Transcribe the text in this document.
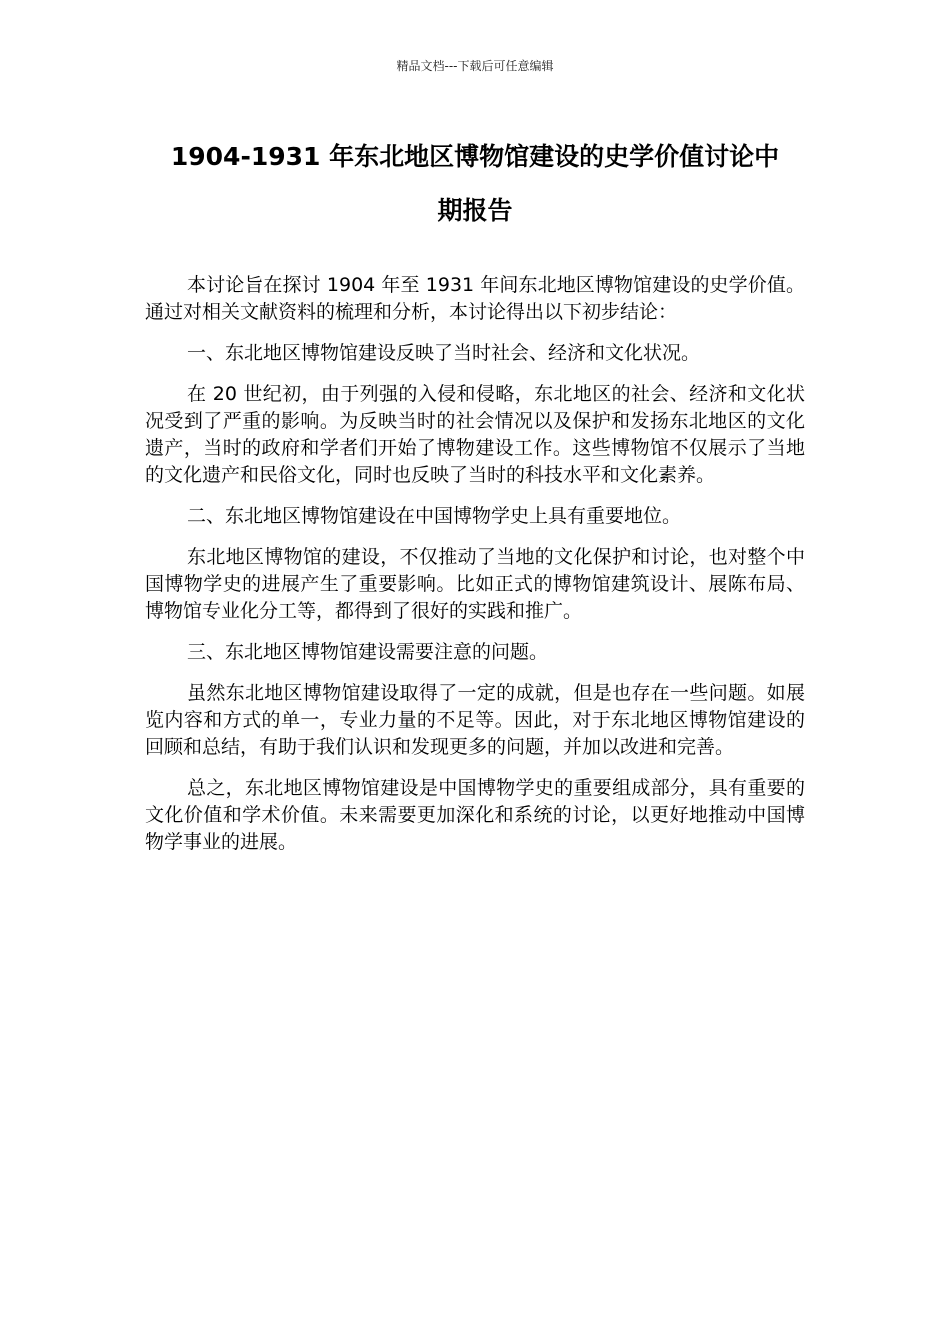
精品文档---下载后可任意编辑
1904-1931 年东北地区博物馆建设的史学价值讨论中
期报告

本讨论旨在探讨 1904 年至 1931 年间东北地区博物馆建设的史学价值。通过对相关文献资料的梳理和分析，本讨论得出以下初步结论：

一、东北地区博物馆建设反映了当时社会、经济和文化状况。

在 20 世纪初，由于列强的入侵和侵略，东北地区的社会、经济和文化状况受到了严重的影响。为反映当时的社会情况以及保护和发扬东北地区的文化遗产，当时的政府和学者们开始了博物建设工作。这些博物馆不仅展示了当地的文化遗产和民俗文化，同时也反映了当时的科技水平和文化素养。

二、东北地区博物馆建设在中国博物学史上具有重要地位。

东北地区博物馆的建设，不仅推动了当地的文化保护和讨论，也对整个中国博物学史的进展产生了重要影响。比如正式的博物馆建筑设计、展陈布局、博物馆专业化分工等，都得到了很好的实践和推广。

三、东北地区博物馆建设需要注意的问题。

虽然东北地区博物馆建设取得了一定的成就，但是也存在一些问题。如展览内容和方式的单一，专业力量的不足等。因此，对于东北地区博物馆建设的回顾和总结，有助于我们认识和发现更多的问题，并加以改进和完善。

总之，东北地区博物馆建设是中国博物学史的重要组成部分，具有重要的文化价值和学术价值。未来需要更加深化和系统的讨论，以更好地推动中国博物学事业的进展。
